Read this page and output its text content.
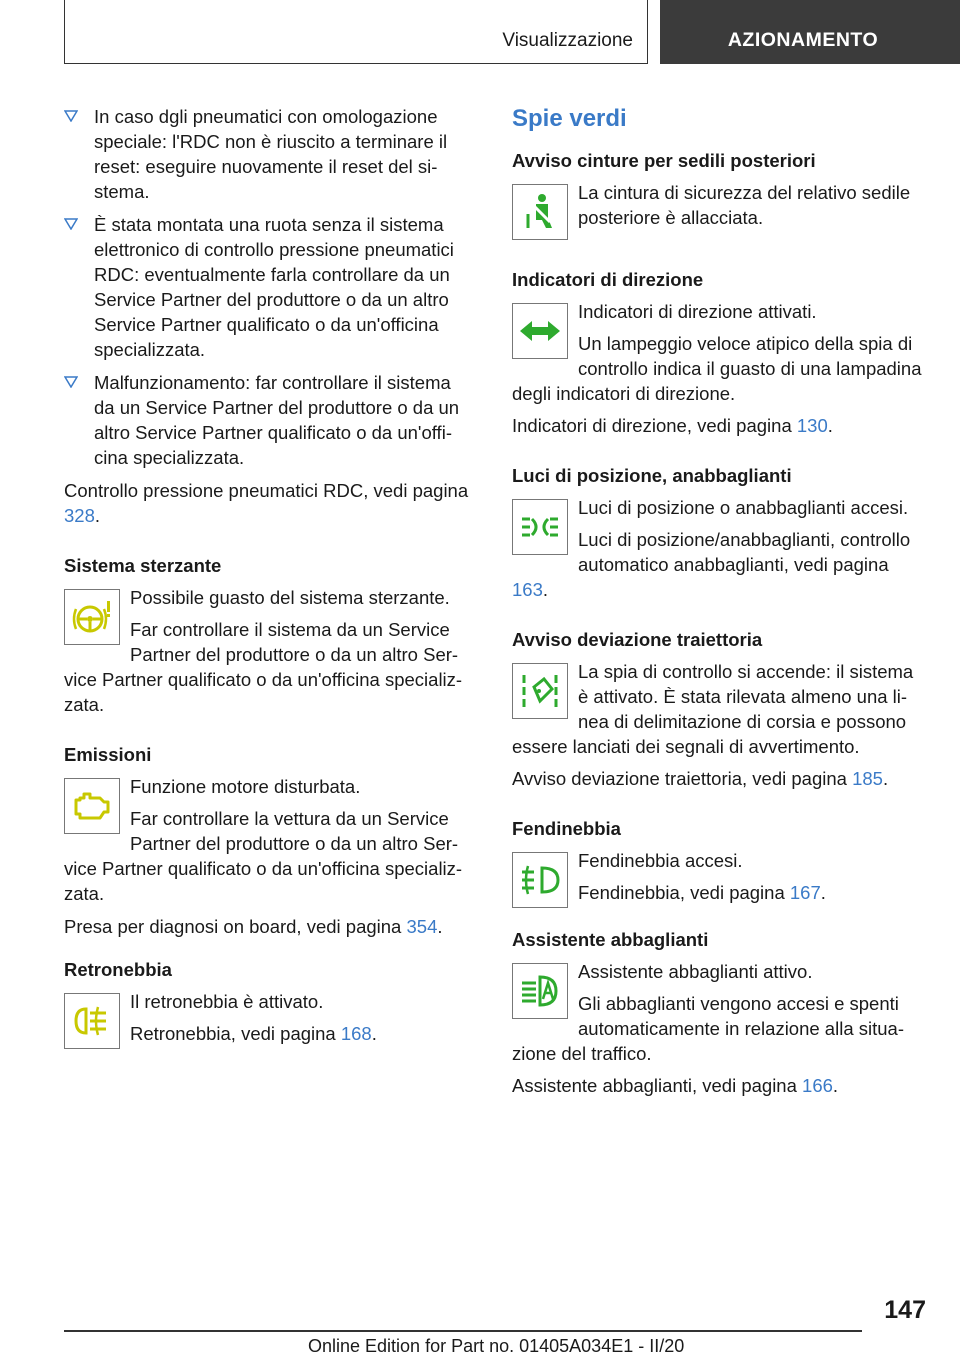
Visualizzazione	AZIONAMENTO

In caso dgli pneumatici con omologazione speciale: l'RDC non è riuscito a terminare il reset: eseguire nuovamente il reset del sistema.

È stata montata una ruota senza il sistema elettronico di controllo pressione pneumatici RDC: eventualmente farla controllare da un Service Partner del produttore o da un altro Service Partner qualificato o da un'officina specializzata.

Malfunzionamento: far controllare il sistema da un Service Partner del produttore o da un altro Service Partner qualificato o da un'officina specializzata.

Controllo pressione pneumatici RDC, vedi pagina 328.

Sistema sterzante

Possibile guasto del sistema sterzante.

Far controllare il sistema da un Service Partner del produttore o da un altro Service Partner qualificato o da un'officina specializzata.

Emissioni

Funzione motore disturbata.

Far controllare la vettura da un Service Partner del produttore o da un altro Service Partner qualificato o da un'officina specializzata.

Presa per diagnosi on board, vedi pagina 354.

Retronebbia

Il retronebbia è attivato.

Retronebbia, vedi pagina 168.

Spie verdi
Avviso cinture per sedili posteriori

La cintura di sicurezza del relativo sedile posteriore è allacciata.

Indicatori di direzione

Indicatori di direzione attivati.

Un lampeggio veloce atipico della spia di controllo indica il guasto di una lampadina degli indicatori di direzione.

Indicatori di direzione, vedi pagina 130.

Luci di posizione, anabbaglianti

Luci di posizione o anabbaglianti accesi.

Luci di posizione/anabbaglianti, controllo automatico anabbaglianti, vedi pagina 163.

Avviso deviazione traiettoria

La spia di controllo si accende: il sistema è attivato. È stata rilevata almeno una linea di delimitazione di corsia e possono essere lanciati dei segnali di avvertimento.

Avviso deviazione traiettoria, vedi pagina 185.

Fendinebbia

Fendinebbia accesi.

Fendinebbia, vedi pagina 167.

Assistente abbaglianti

Assistente abbaglianti attivo.

Gli abbaglianti vengono accesi e spenti automaticamente in relazione alla situazione del traffico.

Assistente abbaglianti, vedi pagina 166.

147
Online Edition for Part no. 01405A034E1 - II/20
